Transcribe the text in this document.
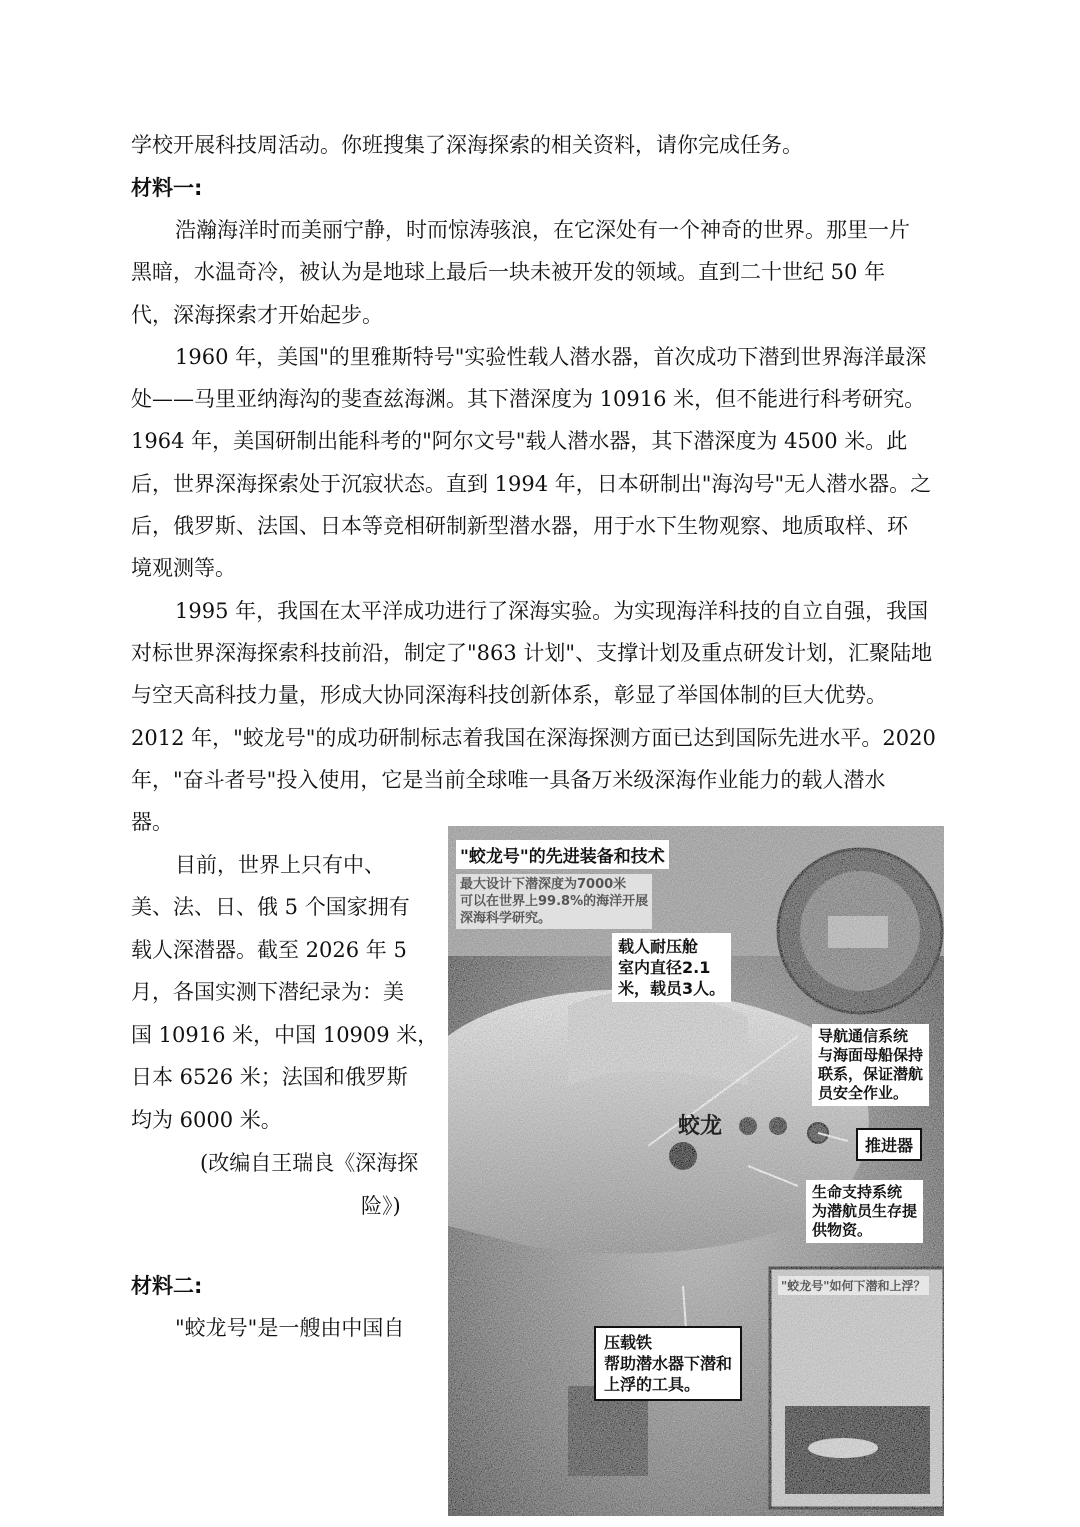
学校开展科技周活动。你班搜集了深海探索的相关资料，请你完成任务。
材料一:
浩瀚海洋时而美丽宁静，时而惊涛骇浪，在它深处有一个神奇的世界。那里一片
黑暗，水温奇冷，被认为是地球上最后一块未被开发的领域。直到二十世纪 50 年
代，深海探索才开始起步。
1960 年，美国"的里雅斯特号"实验性载人潜水器，首次成功下潜到世界海洋最深
处——马里亚纳海沟的斐查兹海渊。其下潜深度为 10916 米，但不能进行科考研究。
1964 年，美国研制出能科考的"阿尔文号"载人潜水器，其下潜深度为 4500 米。此
后，世界深海探索处于沉寂状态。直到 1994 年，日本研制出"海沟号"无人潜水器。之
后，俄罗斯、法国、日本等竞相研制新型潜水器，用于水下生物观察、地质取样、环
境观测等。
1995 年，我国在太平洋成功进行了深海实验。为实现海洋科技的自立自强，我国
对标世界深海探索科技前沿，制定了"863 计划"、支撑计划及重点研发计划，汇聚陆地
与空天高科技力量，形成大协同深海科技创新体系，彰显了举国体制的巨大优势。
2012 年，"蛟龙号"的成功研制标志着我国在深海探测方面已达到国际先进水平。2020
年，"奋斗者号"投入使用，它是当前全球唯一具备万米级深海作业能力的载人潜水
器。
目前，世界上只有中、
美、法、日、俄 5 个国家拥有
载人深潜器。截至 2026 年 5
月，各国实测下潜纪录为：美
国 10916 米，中国 10909 米，
日本 6526 米；法国和俄罗斯
均为 6000 米。
(改编自王瑞良《深海探
险》)
材料二:
"蛟龙号"是一艘由中国自
"蛟龙号"的先进装备和技术
最大设计下潜深度为7000米
可以在世界上99.8%的海洋开展
深海科学研究。
载人耐压舱
室内直径2.1
米，载员3人。
导航通信系统
与海面母船保持
联系，保证潜航
员安全作业。
推进器
生命支持系统
为潜航员生存提
供物资。
蛟龙
压载铁
帮助潜水器下潜和
上浮的工具。
"蛟龙号"如何下潜和上浮？
